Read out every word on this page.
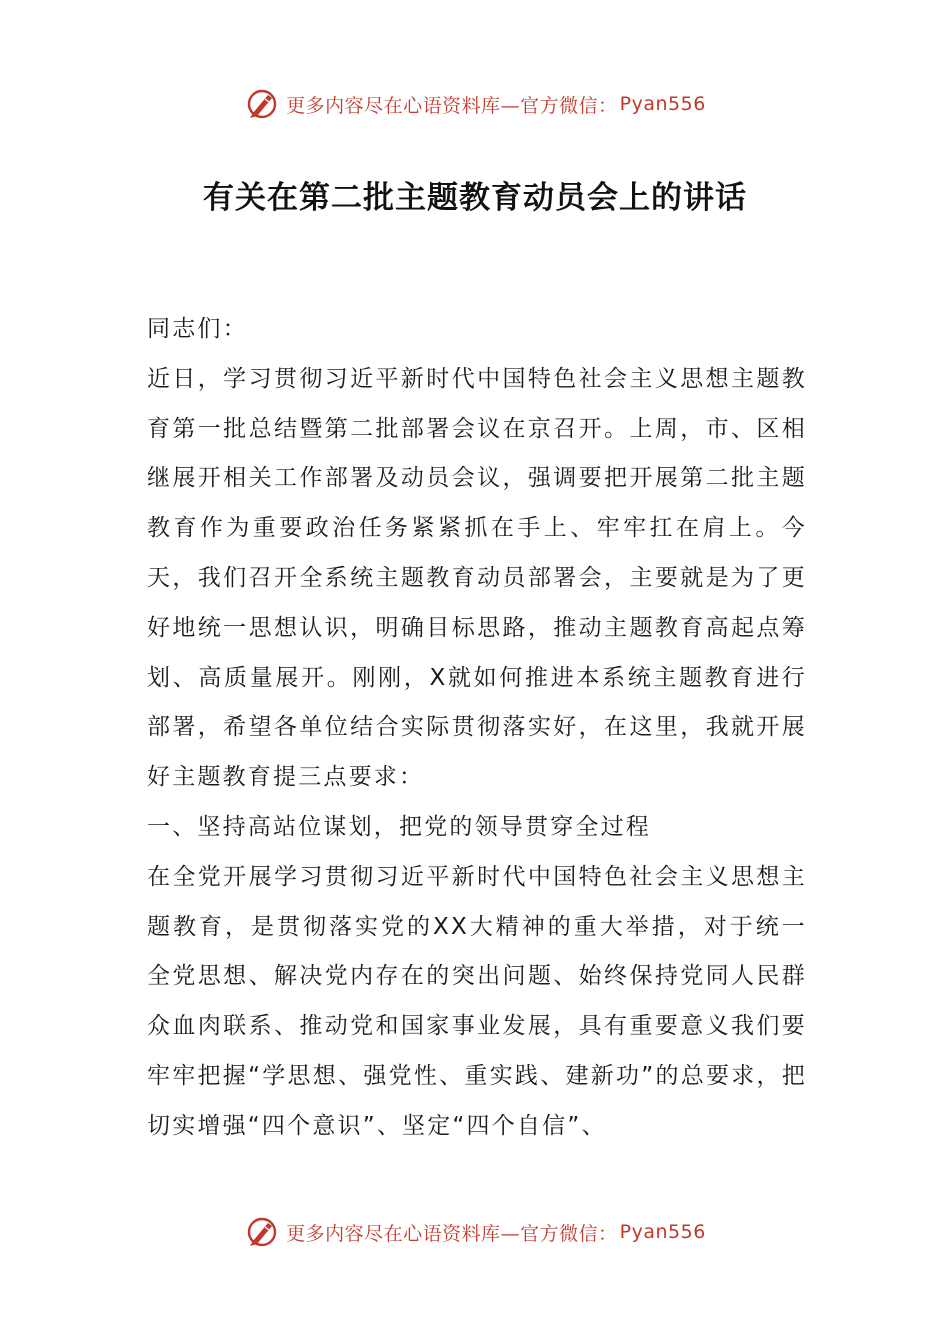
更多内容尽在心语资料库—官方微信： Pyan556
有关在第二批主题教育动员会上的讲话

同志们：

近日，学习贯彻习近平新时代中国特色社会主义思想主题教育第一批总结暨第二批部署会议在京召开。上周，市、区相继展开相关工作部署及动员会议，强调要把开展第二批主题教育作为重要政治任务紧紧抓在手上、牢牢扛在肩上。今天，我们召开全系统主题教育动员部署会，主要就是为了更好地统一思想认识，明确目标思路，推动主题教育高起点筹划、高质量展开。刚刚，X就如何推进本系统主题教育进行部署，希望各单位结合实际贯彻落实好，在这里，我就开展好主题教育提三点要求：

一、坚持高站位谋划，把党的领导贯穿全过程

在全党开展学习贯彻习近平新时代中国特色社会主义思想主题教育，是贯彻落实党的XX大精神的重大举措，对于统一全党思想、解决党内存在的突出问题、始终保持党同人民群众血肉联系、推动党和国家事业发展，具有重要意义我们要牢牢把握“学思想、强党性、重实践、建新功”的总要求，把切实增强“四个意识”、坚定“四个自信”、

更多内容尽在心语资料库—官方微信： Pyan556
